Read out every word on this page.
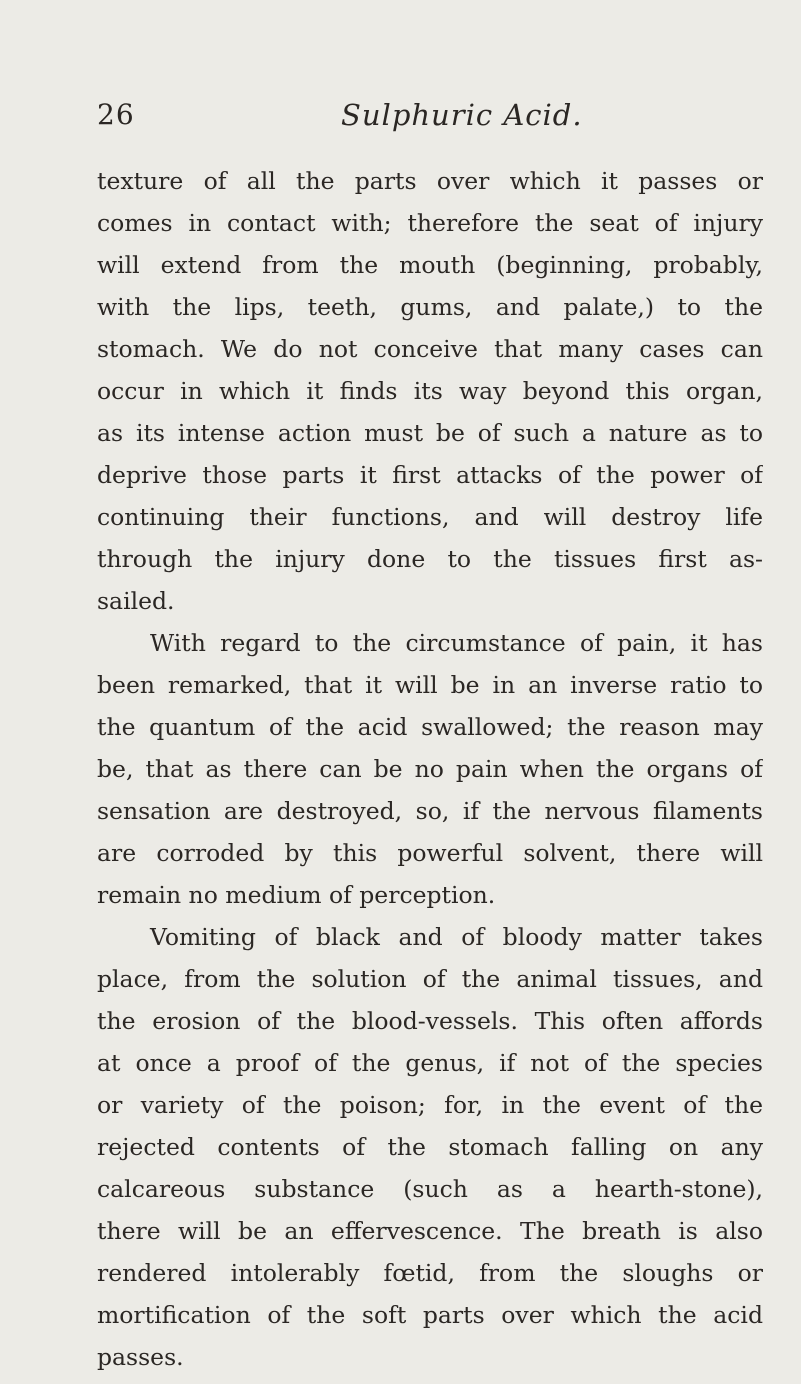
26	Sulphuric Acid.
texture of all the parts over which it passes or
comes in contact with; therefore the seat of injury
will extend from the mouth (beginning, probably,
with the lips, teeth, gums, and palate,) to the
stomach. We do not conceive that many cases can
occur in which it finds its way beyond this organ,
as its intense action must be of such a nature as to
deprive those parts it first attacks of the power of
continuing their functions, and will destroy life
through the injury done to the tissues first as-
sailed.
With regard to the circumstance of pain, it has
been remarked, that it will be in an inverse ratio to
the quantum of the acid swallowed; the reason may
be, that as there can be no pain when the organs of
sensation are destroyed, so, if the nervous filaments
are corroded by this powerful solvent, there will
remain no medium of perception.
Vomiting of black and of bloody matter takes
place, from the solution of the animal tissues, and
the erosion of the blood-vessels. This often affords
at once a proof of the genus, if not of the species
or variety of the poison; for, in the event of the
rejected contents of the stomach falling on any
calcareous substance (such as a hearth-stone),
there will be an effervescence. The breath is also
rendered intolerably fœtid, from the sloughs or
mortification of the soft parts over which the acid
passes.
